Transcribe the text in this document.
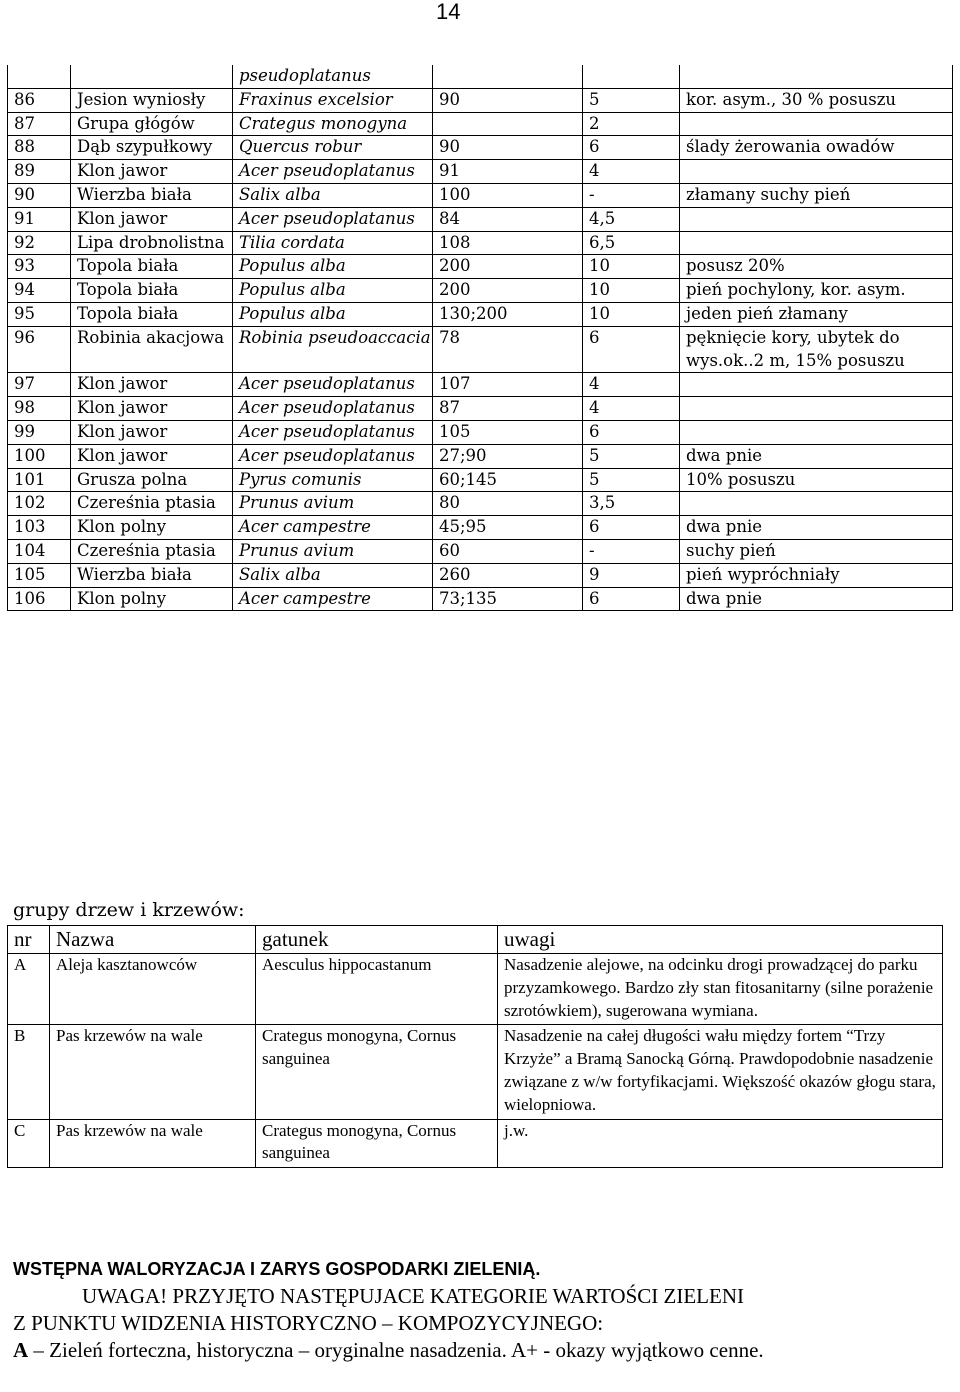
14
		pseudoplatanus			
86	Jesion wyniosły	Fraxinus excelsior	90	5	kor. asym., 30 % posuszu
87	Grupa głógów	Crategus monogyna		2	
88	Dąb szypułkowy	Quercus robur	90	6	ślady żerowania owadów
89	Klon jawor	Acer pseudoplatanus	91	4	
90	Wierzba biała	Salix alba	100	-	złamany suchy pień
91	Klon jawor	Acer pseudoplatanus	84	4,5	
92	Lipa drobnolistna	Tilia cordata	108	6,5	
93	Topola biała	Populus alba	200	10	posusz 20%
94	Topola biała	Populus alba	200	10	pień pochylony, kor. asym.
95	Topola biała	Populus alba	130;200	10	jeden pień złamany
96	Robinia akacjowa	Robinia pseudoaccacia	78	6	pęknięcie kory, ubytek do wys.ok..2 m, 15% posuszu
97	Klon jawor	Acer pseudoplatanus	107	4	
98	Klon jawor	Acer pseudoplatanus	87	4	
99	Klon jawor	Acer pseudoplatanus	105	6	
100	Klon jawor	Acer pseudoplatanus	27;90	5	dwa pnie
101	Grusza polna	Pyrus comunis	60;145	5	10% posuszu
102	Czereśnia ptasia	Prunus avium	80	3,5	
103	Klon polny	Acer campestre	45;95	6	dwa pnie
104	Czereśnia ptasia	Prunus avium	60	-	suchy pień
105	Wierzba biała	Salix alba	260	9	pień wypróchniały
106	Klon polny	Acer campestre	73;135	6	dwa pnie
grupy drzew i krzewów:
nr	Nazwa	gatunek	uwagi
A	Aleja kasztanowców	Aesculus hippocastanum	Nasadzenie alejowe, na odcinku drogi prowadzącej do parku przyzamkowego. Bardzo zły stan fitosanitarny (silne porażenie szrotówkiem), sugerowana wymiana.
B	Pas krzewów na wale	Crategus monogyna, Cornus sanguinea	Nasadzenie na całej długości wału między fortem “Trzy Krzyże” a Bramą Sanocką Górną. Prawdopodobnie nasadzenie związane z w/w fortyfikacjami. Większość okazów głogu stara, wielopniowa.
C	Pas krzewów na wale	Crategus monogyna, Cornus sanguinea	j.w.
WSTĘPNA WALORYZACJA I ZARYS GOSPODARKI ZIELENIĄ.
UWAGA! PRZYJĘTO NASTĘPUJACE KATEGORIE WARTOŚCI ZIELENI
Z PUNKTU WIDZENIA HISTORYCZNO – KOMPOZYCYJNEGO:
A – Zieleń forteczna, historyczna – oryginalne nasadzenia. A+ - okazy wyjątkowo cenne.
